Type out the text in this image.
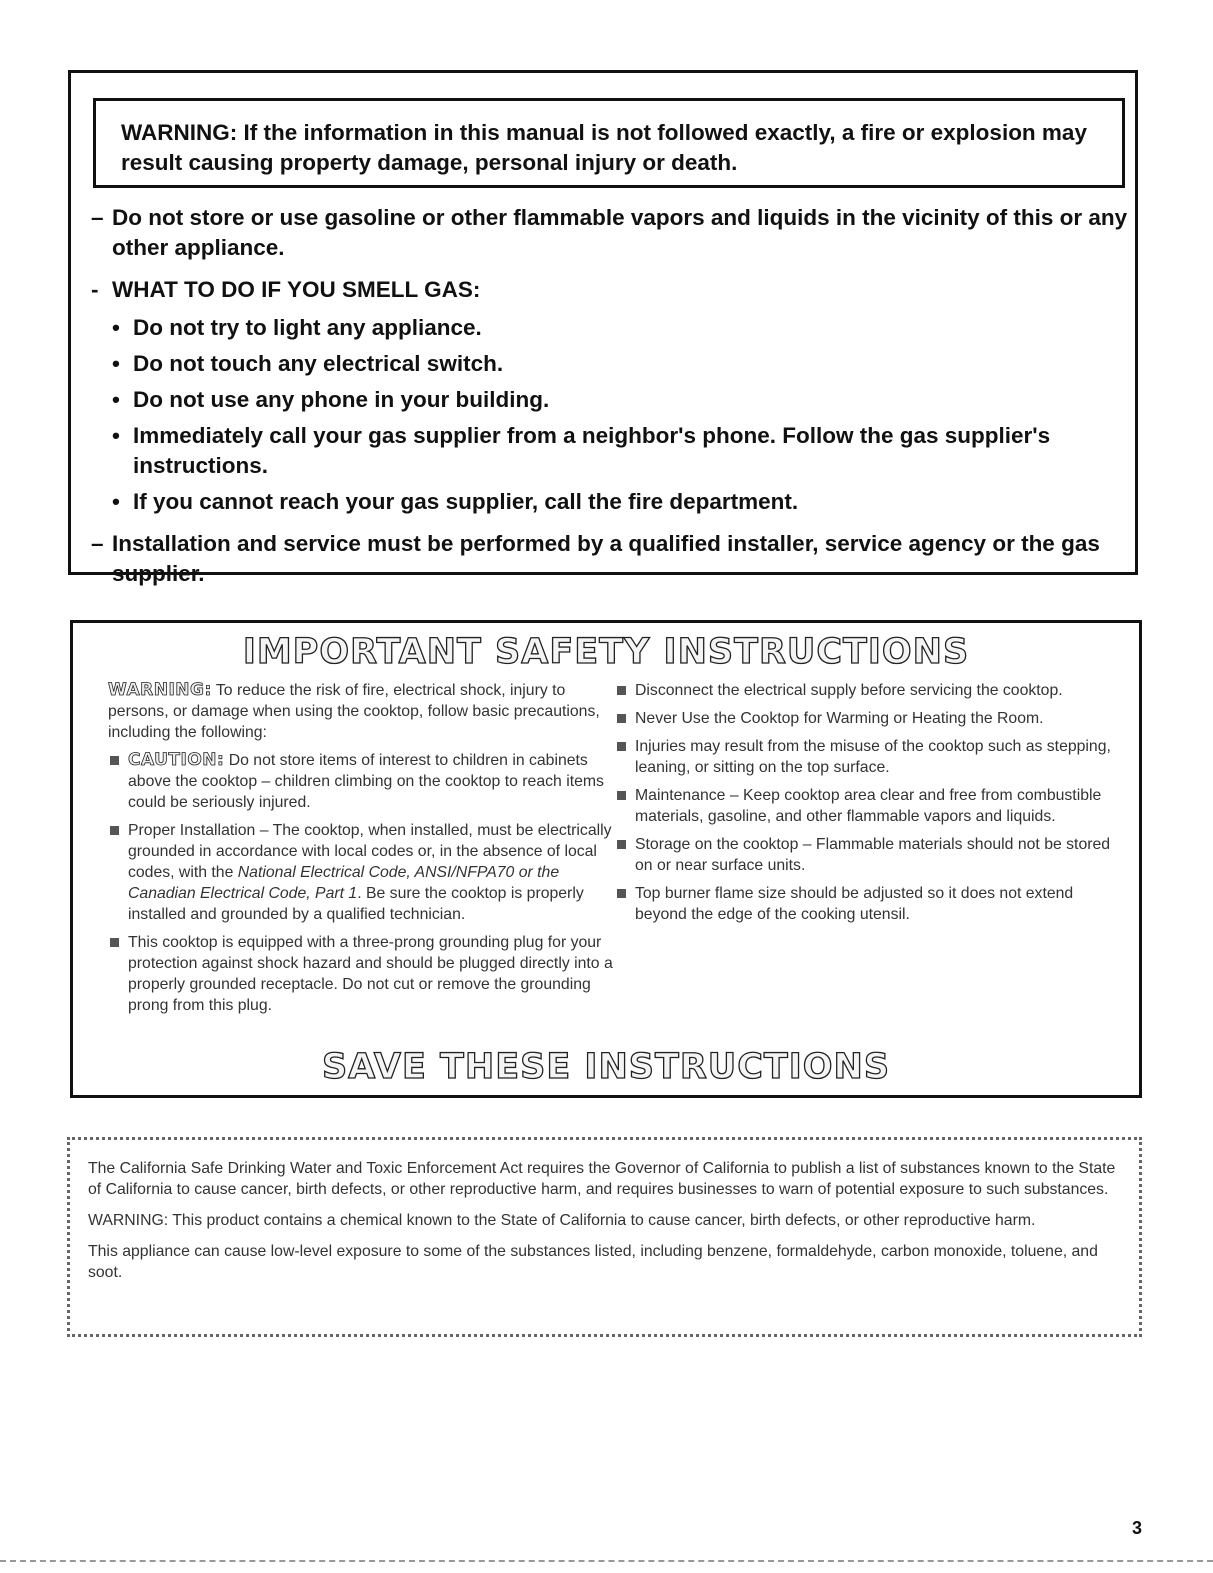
WARNING: If the information in this manual is not followed exactly, a fire or explosion may result causing property damage, personal injury or death.
– Do not store or use gasoline or other flammable vapors and liquids in the vicinity of this or any other appliance.
- WHAT TO DO IF YOU SMELL GAS:
• Do not try to light any appliance.
• Do not touch any electrical switch.
• Do not use any phone in your building.
• Immediately call your gas supplier from a neighbor's phone. Follow the gas supplier's instructions.
• If you cannot reach your gas supplier, call the fire department.
– Installation and service must be performed by a qualified installer, service agency or the gas supplier.
IMPORTANT SAFETY INSTRUCTIONS
WARNING: To reduce the risk of fire, electrical shock, injury to persons, or damage when using the cooktop, follow basic precautions, including the following:
CAUTION: Do not store items of interest to children in cabinets above the cooktop – children climbing on the cooktop to reach items could be seriously injured.
Proper Installation – The cooktop, when installed, must be electrically grounded in accordance with local codes or, in the absence of local codes, with the National Electrical Code, ANSI/NFPA70 or the Canadian Electrical Code, Part 1. Be sure the cooktop is properly installed and grounded by a qualified technician.
This cooktop is equipped with a three-prong grounding plug for your protection against shock hazard and should be plugged directly into a properly grounded receptacle. Do not cut or remove the grounding prong from this plug.
Disconnect the electrical supply before servicing the cooktop.
Never Use the Cooktop for Warming or Heating the Room.
Injuries may result from the misuse of the cooktop such as stepping, leaning, or sitting on the top surface.
Maintenance – Keep cooktop area clear and free from combustible materials, gasoline, and other flammable vapors and liquids.
Storage on the cooktop – Flammable materials should not be stored on or near surface units.
Top burner flame size should be adjusted so it does not extend beyond the edge of the cooking utensil.
SAVE THESE INSTRUCTIONS

The California Safe Drinking Water and Toxic Enforcement Act requires the Governor of California to publish a list of substances known to the State of California to cause cancer, birth defects, or other reproductive harm, and requires businesses to warn of potential exposure to such substances.

WARNING: This product contains a chemical known to the State of California to cause cancer, birth defects, or other reproductive harm.

This appliance can cause low-level exposure to some of the substances listed, including benzene, formaldehyde, carbon monoxide, toluene, and soot.

3
